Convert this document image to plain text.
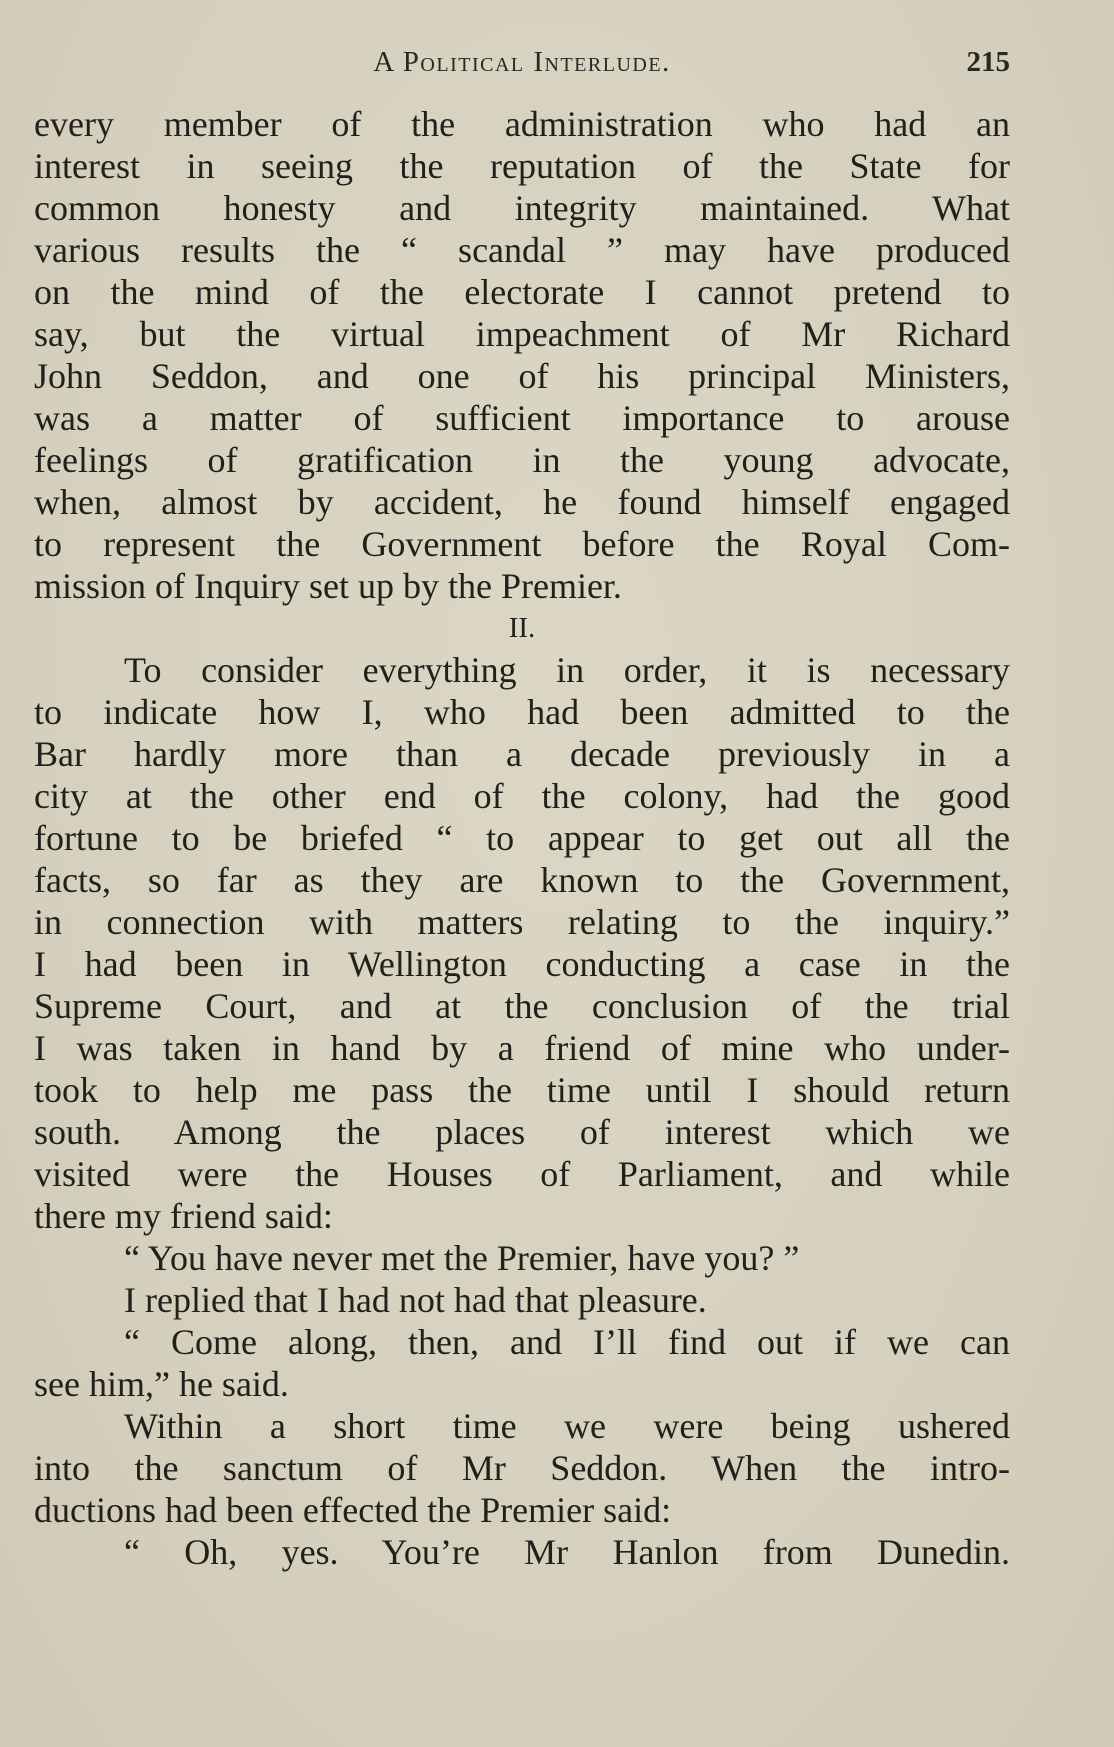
A Political Interlude.	215
every member of the administration who had an
interest in seeing the reputation of the State for
common honesty and integrity maintained. What
various results the “ scandal ” may have produced
on the mind of the electorate I cannot pretend to
say, but the virtual impeachment of Mr Richard
John Seddon, and one of his principal Ministers,
was a matter of sufficient importance to arouse
feelings of gratification in the young advocate,
when, almost by accident, he found himself engaged
to represent the Government before the Royal Com-
mission of Inquiry set up by the Premier.
II.
To consider everything in order, it is necessary
to indicate how I, who had been admitted to the
Bar hardly more than a decade previously in a
city at the other end of the colony, had the good
fortune to be briefed “ to appear to get out all the
facts, so far as they are known to the Government,
in connection with matters relating to the inquiry.”
I had been in Wellington conducting a case in the
Supreme Court, and at the conclusion of the trial
I was taken in hand by a friend of mine who under-
took to help me pass the time until I should return
south. Among the places of interest which we
visited were the Houses of Parliament, and while
there my friend said:
“ You have never met the Premier, have you? ”
I replied that I had not had that pleasure.
“ Come along, then, and I’ll find out if we can
see him,” he said.
Within a short time we were being ushered
into the sanctum of Mr Seddon. When the intro-
ductions had been effected the Premier said:
“ Oh, yes. You’re Mr Hanlon from Dunedin.
